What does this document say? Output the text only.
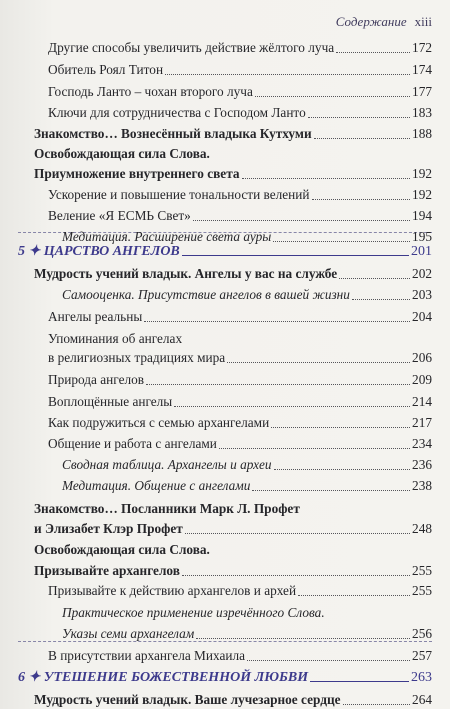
Содержание xiii
Другие способы увеличить действие жёлтого луча	172
Обитель Роял Титон	174
Господь Ланто – чохан второго луча	177
Ключи для сотрудничества с Господом Ланто	183
Знакомство… Вознесённый владыка Кутхуми	188
Освобождающая сила Слова.
Приумножение внутреннего света	192
Ускорение и повышение тональности велений	192
Веление «Я ЕСМЬ Свет»	194
Медитация. Расширение света ауры	195
5 ✦ ЦАРСТВО АНГЕЛОВ	201
Мудрость учений владык. Ангелы у вас на службе	202
Самооценка. Присутствие ангелов в вашей жизни	203
Ангелы реальны	204
Упоминания об ангелах
в религиозных традициях мира	206
Природа ангелов	209
Воплощённые ангелы	214
Как подружиться с семью архангелами	217
Общение и работа с ангелами	234
Сводная таблица. Архангелы и археи	236
Медитация. Общение с ангелами	238
Знакомство… Посланники Марк Л. Профет
и Элизабет Клэр Профет	248
Освобождающая сила Слова.
Призывайте архангелов	255
Призывайте к действию архангелов и архей	255
Практическое применение изречённого Слова.
Указы семи архангелам	256
В присутствии архангела Михаила	257
6 ✦ УТЕШЕНИЕ БОЖЕСТВЕННОЙ ЛЮБВИ	263
Мудрость учений владык. Ваше лучезарное сердце	264
